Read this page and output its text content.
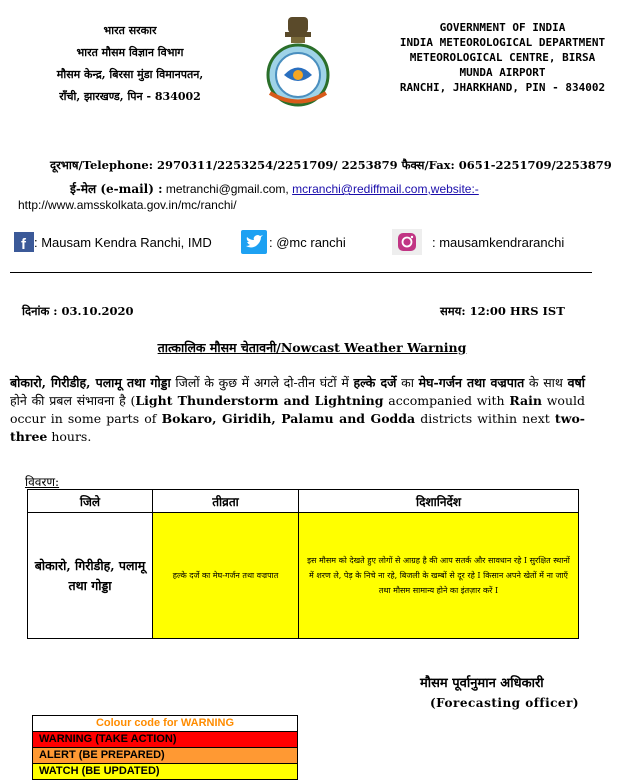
भारत सरकार
भारत मौसम विज्ञान विभाग
मौसम केन्द्र, बिरसा मुंडा विमानपतन,
राँची, झारखण्ड, पिन - 834002
GOVERNMENT OF INDIA
INDIA METEOROLOGICAL DEPARTMENT
METEOROLOGICAL CENTRE, BIRSA MUNDA AIRPORT
RANCHI, JHARKHAND, PIN - 834002
दूरभाष/Telephone: 2970311/2253254/2251709/ 2253879 फैक्स/Fax: 0651-2251709/2253879
ई-मेल (e-mail) : metranchi@gmail.com, mcranchi@rediffmail.com,website:-
http://www.amsskolkata.gov.in/mc/ranchi/
f : Mausam Kendra Ranchi, IMD	: @mc ranchi	: mausamkendraranchi
दिनांक : 03.10.2020	समय: 12:00 HRS IST
तात्कालिक मौसम चेतावनी/Nowcast Weather Warning
बोकारो, गिरीडीह, पलामू तथा गोड्डा जिलों के कुछ में अगले दो-तीन घंटों में हल्के दर्जे का मेघ-गर्जन तथा वज्रपात के साथ वर्षा होने की प्रबल संभावना है (Light Thunderstorm and Lightning accompanied with Rain would occur in some parts of Bokaro, Giridih, Palamu and Godda districts within next two-three hours.
विवरण:
जिले	तीव्रता	दिशानिर्देश
बोकारो, गिरीडीह, पलामू तथा गोड्डा	हल्के दर्जे का मेघ-गर्जन तथा वज्रपात	इस मौसम को देखते हुए लोगों से आग्रह है की आप सतर्क और सावधान रहे I सुरक्षित स्थानों में शरण ले, पेड़ के निचे ना रहे, बिजली के खम्बों से दूर रहे I किसान अपने खेतों में ना जाएँ तथा मौसम सामान्य होने का इंतज़ार करें I
मौसम पूर्वानुमान अधिकारी
(Forecasting officer)
Colour code for WARNING
WARNING (TAKE ACTION)
ALERT (BE PREPARED)
WATCH (BE UPDATED)
